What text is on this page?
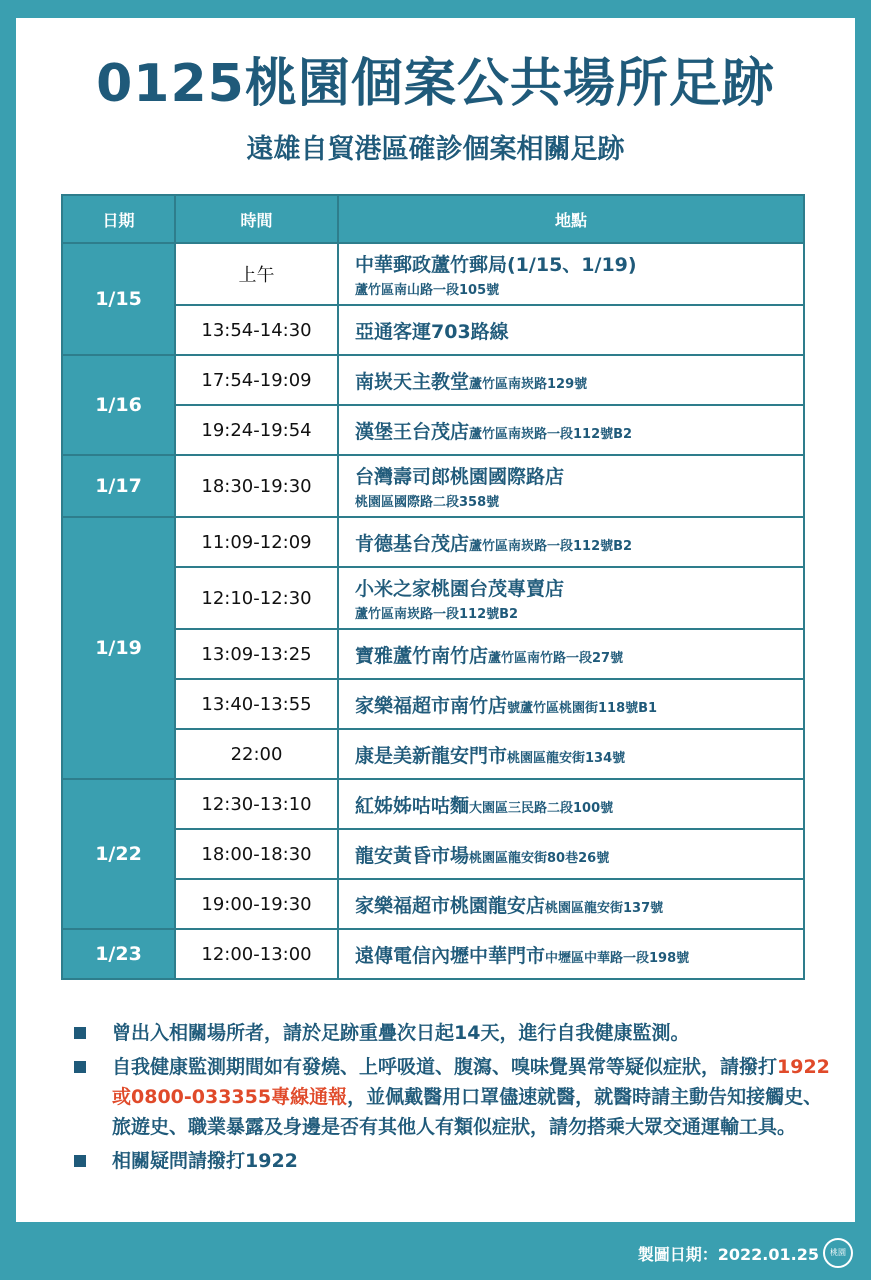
0125桃園個案公共場所足跡
遠雄自貿港區確診個案相關足跡
日期	時間	地點
1/15	上午	中華郵政蘆竹郵局(1/15、1/19)
蘆竹區南山路一段105號

	13:54-14:30	亞通客運703路線
1/16	17:54-19:09	南崁天主教堂蘆竹區南崁路129號
	19:24-19:54	漢堡王台茂店蘆竹區南崁路一段112號B2
1/17	18:30-19:30	台灣壽司郎桃園國際路店
桃園區國際路二段358號

1/19	11:09-12:09	肯德基台茂店蘆竹區南崁路一段112號B2
	12:10-12:30	小米之家桃園台茂專賣店
蘆竹區南崁路一段112號B2

	13:09-13:25	寶雅蘆竹南竹店蘆竹區南竹路一段27號
	13:40-13:55	家樂福超市南竹店號蘆竹區桃園街118號B1
	22:00	康是美新龍安門市桃園區龍安街134號
1/22	12:30-13:10	紅姊姊咕咕麵大園區三民路二段100號
	18:00-18:30	龍安黃昏市場桃園區龍安街80巷26號
	19:00-19:30	家樂福超市桃園龍安店桃園區龍安街137號
1/23	12:00-13:00	遠傳電信內壢中華門市中壢區中華路一段198號
曾出入相關場所者，請於足跡重疊次日起14天，進行自我健康監測。
自我健康監測期間如有發燒、上呼吸道、腹瀉、嗅味覺異常等疑似症狀，請撥打1922或0800-033355專線通報，並佩戴醫用口罩儘速就醫，就醫時請主動告知接觸史、旅遊史、職業暴露及身邊是否有其他人有類似症狀，請勿搭乘大眾交通運輸工具。
相關疑問請撥打1922
製圖日期：2022.01.25	桃園
